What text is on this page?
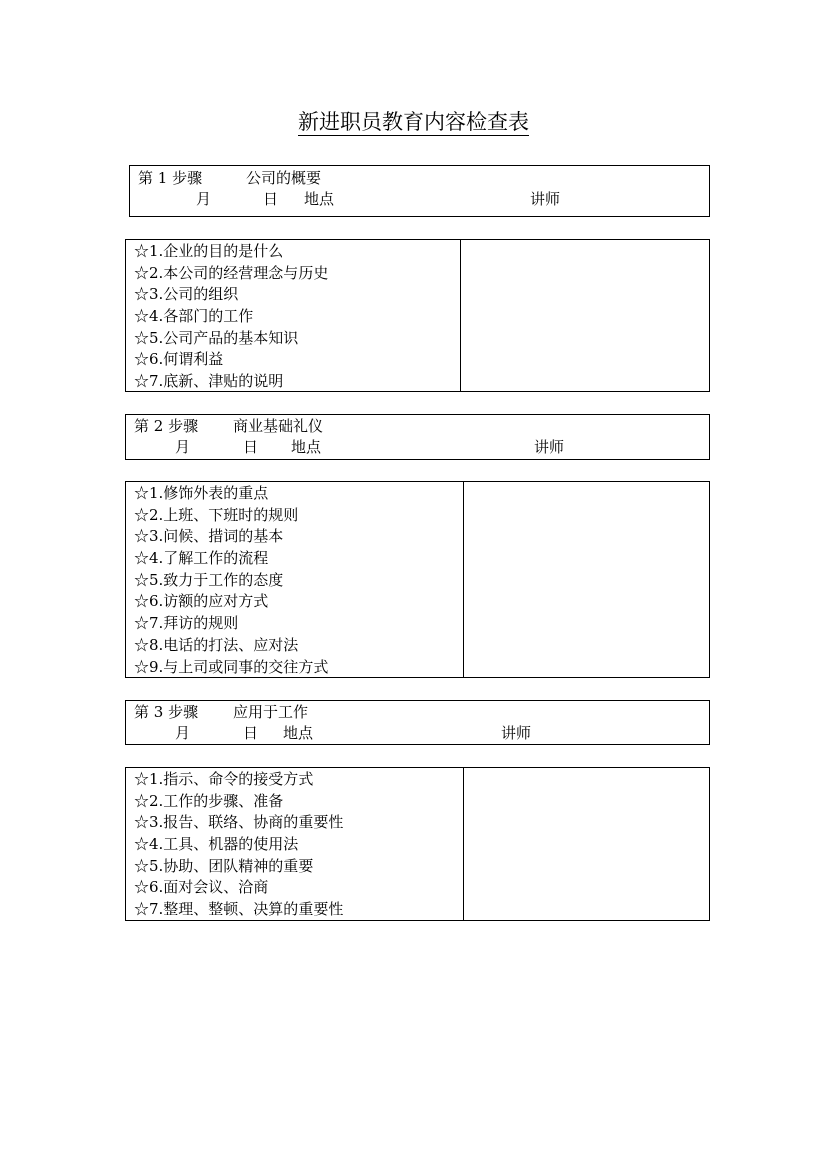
新进职员教育内容检查表
第 1 步骤	公司的概要
月	日 地点	讲师
☆1.企业的目的是什么
☆2.本公司的经营理念与历史
☆3.公司的组织
☆4.各部门的工作
☆5.公司产品的基本知识
☆6.何谓利益
☆7.底新、津贴的说明
第 2 步骤 商业基础礼仪
月	日 地点	讲师
☆1.修饰外表的重点
☆2.上班、下班时的规则
☆3.问候、措词的基本
☆4.了解工作的流程
☆5.致力于工作的态度
☆6.访额的应对方式
☆7.拜访的规则
☆8.电话的打法、应对法
☆9.与上司或同事的交往方式
第 3 步骤 应用于工作
月	日 地点	讲师
☆1.指示、命令的接受方式
☆2.工作的步骤、准备
☆3.报告、联络、协商的重要性
☆4.工具、机器的使用法
☆5.协助、团队精神的重要
☆6.面对会议、洽商
☆7.整理、整顿、决算的重要性
